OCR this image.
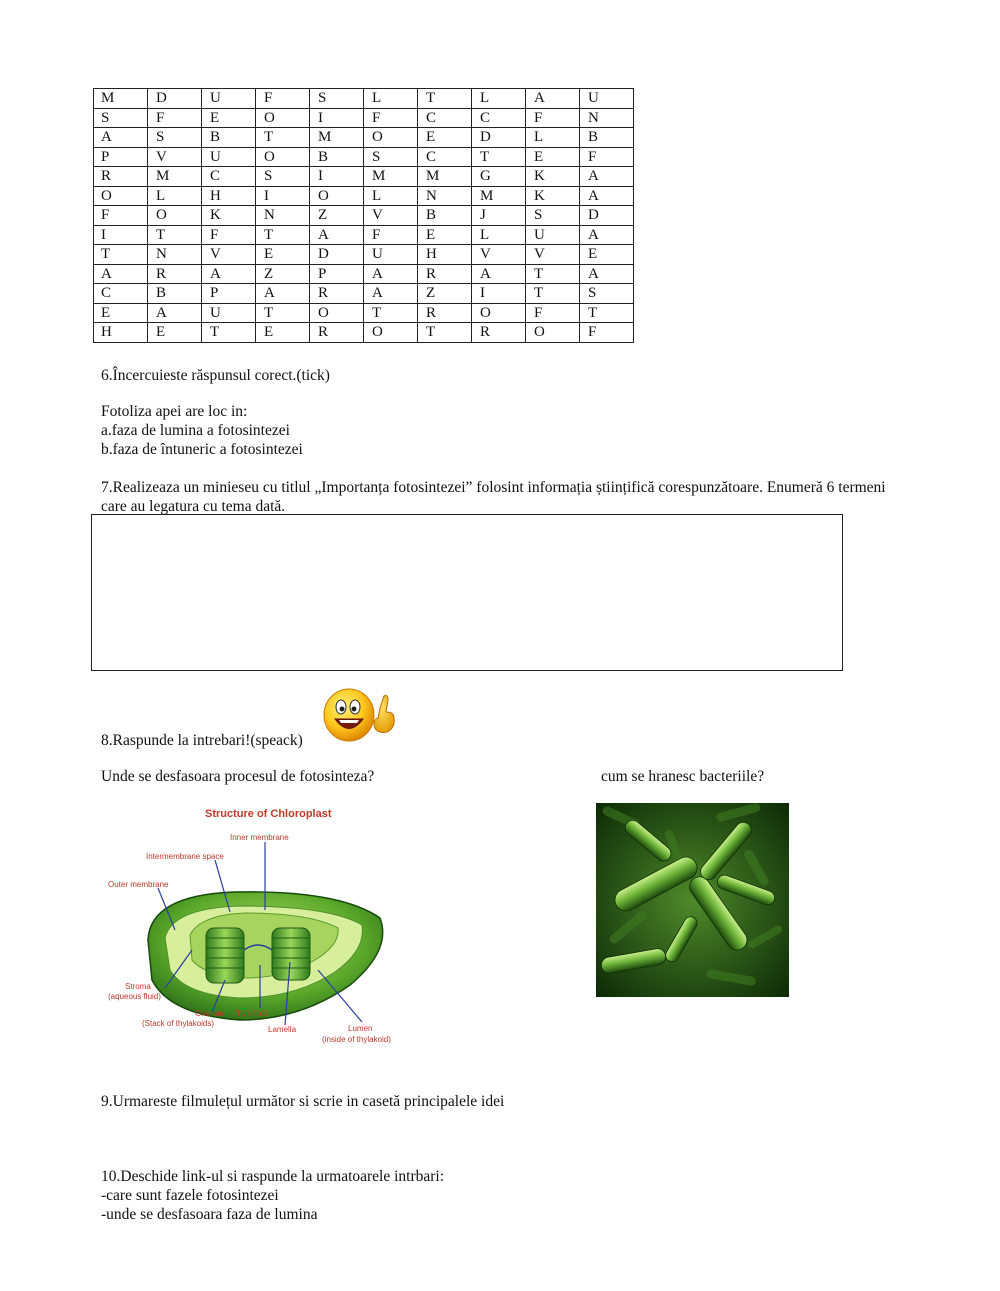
M	D	U	F	S	L	T	L	A	U
S	F	E	O	I	F	C	C	F	N
A	S	B	T	M	O	E	D	L	B
P	V	U	O	B	S	C	T	E	F
R	M	C	S	I	M	M	G	K	A
O	L	H	I	O	L	N	M	K	A
F	O	K	N	Z	V	B	J	S	D
I	T	F	T	A	F	E	L	U	A
T	N	V	E	D	U	H	V	V	E
A	R	A	Z	P	A	R	A	T	A
C	B	P	A	R	A	Z	I	T	S
E	A	U	T	O	T	R	O	F	T
H	E	T	E	R	O	T	R	O	F
6.Încercuieste răspunsul corect.(tick)
Fotoliza apei are loc in:
a.faza de lumina a fotosintezei
b.faza de întuneric a fotosintezei
7.Realizeaza un minieseu cu titlul „Importanța fotosintezei” folosint informația științifică corespunzătoare. Enumeră 6 termeni
care au legatura cu tema dată.
8.Raspunde la intrebari!(speack)
Unde se desfasoara procesul de fotosinteza?	cum se hranesc bacteriile?
Structure of Chloroplast
Inner membrane
Intermembrane space
Outer membrane
Stroma
(aqueous fluid)
Granum
(Stack of thylakoids)
Thylakoid
Lamella	Lumen
(inside of thylakoid)
9.Urmareste filmulețul următor si scrie in casetă principalele idei
10.Deschide link-ul si raspunde la urmatoarele intrbari:
-care sunt fazele fotosintezei
-unde se desfasoara faza de lumina
